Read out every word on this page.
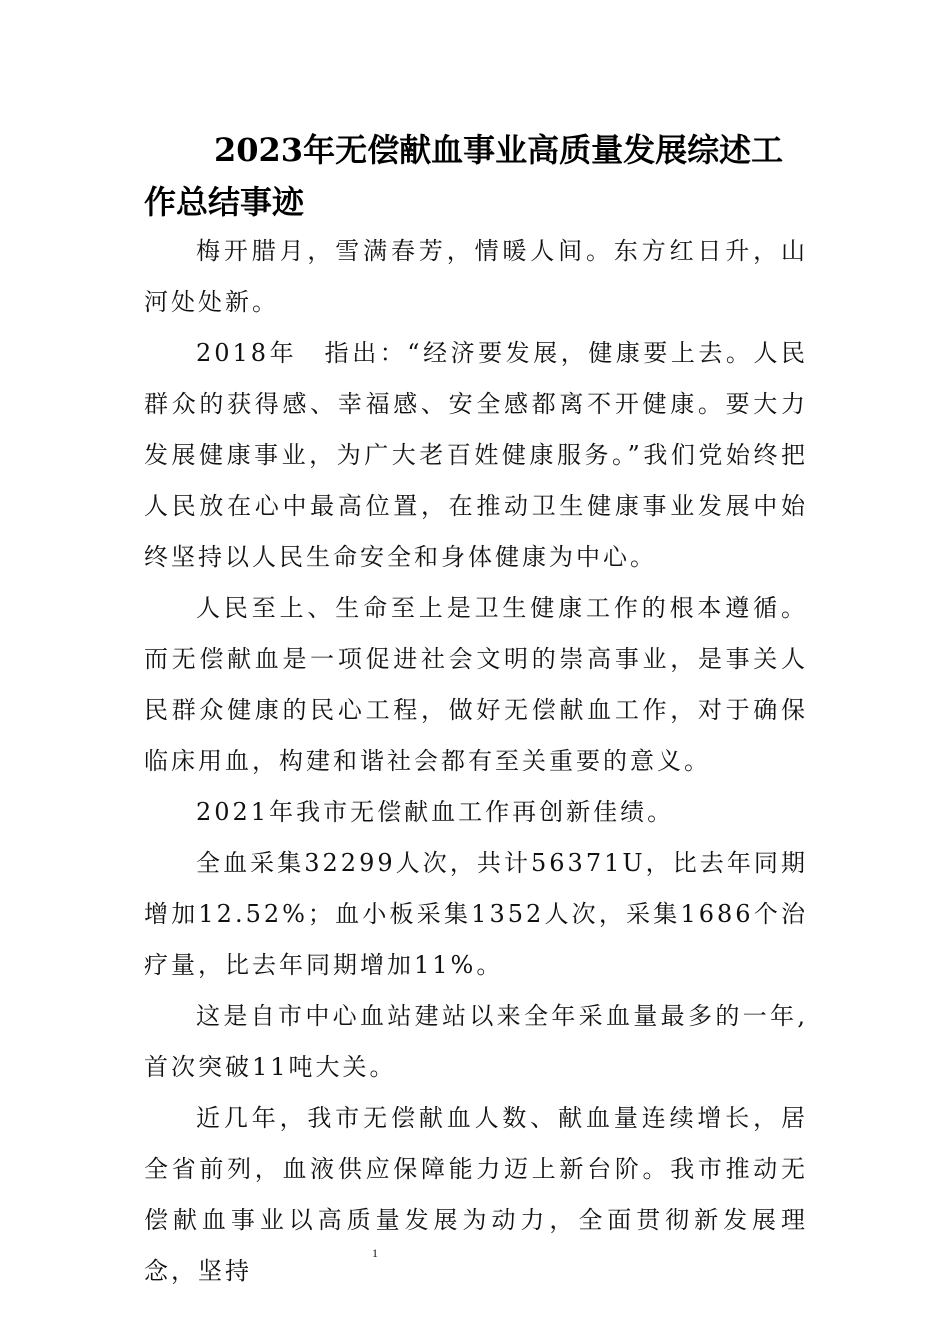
2023年无偿献血事业高质量发展综述工作总结事迹

梅开腊月，雪满春芳，情暖人间。东方红日升，山河处处新。

2018年　指出：“经济要发展，健康要上去。人民群众的获得感、幸福感、安全感都离不开健康。要大力发展健康事业，为广大老百姓健康服务。”我们党始终把人民放在心中最高位置，在推动卫生健康事业发展中始终坚持以人民生命安全和身体健康为中心。

人民至上、生命至上是卫生健康工作的根本遵循。而无偿献血是一项促进社会文明的崇高事业，是事关人民群众健康的民心工程，做好无偿献血工作，对于确保临床用血，构建和谐社会都有至关重要的意义。

2021年我市无偿献血工作再创新佳绩。

全血采集32299人次，共计56371U，比去年同期增加12.52%；血小板采集1352人次，采集1686个治疗量，比去年同期增加11%。

这是自市中心血站建站以来全年采血量最多的一年,首次突破11吨大关。

近几年，我市无偿献血人数、献血量连续增长，居全省前列，血液供应保障能力迈上新台阶。我市推动无偿献血事业以高质量发展为动力，全面贯彻新发展理念，坚持

1
